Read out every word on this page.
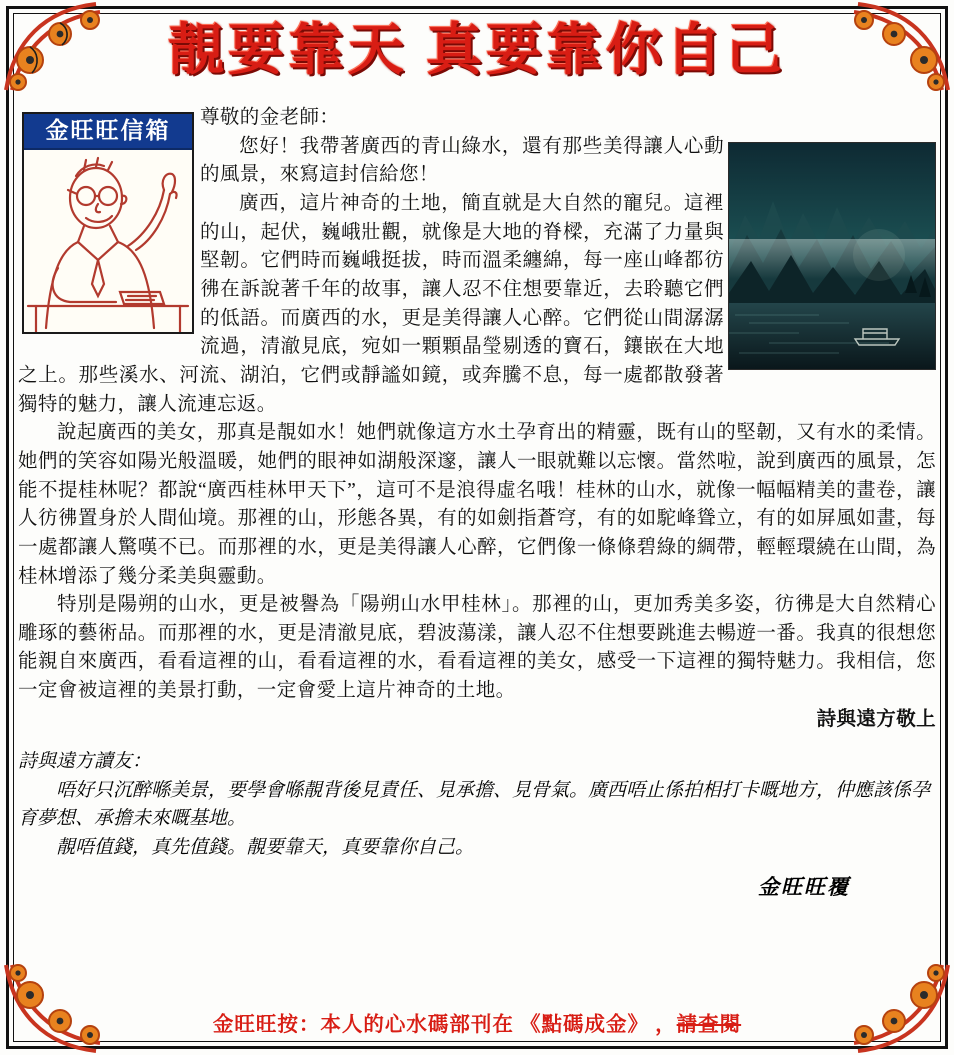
靚要靠天 真要靠你自己
金旺旺信箱

尊敬的金老師：

您好！我帶著廣西的青山綠水，還有那些美得讓人心動的風景，來寫這封信給您！

廣西，這片神奇的土地，簡直就是大自然的寵兒。這裡的山，起伏，巍峨壯觀，就像是大地的脊樑，充滿了力量與堅韌。它們時而巍峨挺拔，時而溫柔纏綿，每一座山峰都彷彿在訴說著千年的故事，讓人忍不住想要靠近，去聆聽它們的低語。而廣西的水，更是美得讓人心醉。它們從山間潺潺流過，清澈見底，宛如一顆顆晶瑩剔透的寶石，鑲嵌在大地之上。那些溪水、河流、湖泊，它們或靜謐如鏡，或奔騰不息，每一處都散發著獨特的魅力，讓人流連忘返。

說起廣西的美女，那真是靚如水！她們就像這方水土孕育出的精靈，既有山的堅韌，又有水的柔情。她們的笑容如陽光般溫暖，她們的眼神如湖般深邃，讓人一眼就難以忘懷。當然啦，說到廣西的風景，怎能不提桂林呢？都說“廣西桂林甲天下”，這可不是浪得虛名哦！桂林的山水，就像一幅幅精美的畫卷，讓人彷彿置身於人間仙境。那裡的山，形態各異，有的如劍指蒼穹，有的如駝峰聳立，有的如屏風如畫，每一處都讓人驚嘆不已。而那裡的水，更是美得讓人心醉，它們像一條條碧綠的綢帶，輕輕環繞在山間，為桂林增添了幾分柔美與靈動。

特別是陽朔的山水，更是被譽為「陽朔山水甲桂林」。那裡的山，更加秀美多姿，彷彿是大自然精心雕琢的藝術品。而那裡的水，更是清澈見底，碧波蕩漾，讓人忍不住想要跳進去暢遊一番。我真的很想您能親自來廣西，看看這裡的山，看看這裡的水，看看這裡的美女，感受一下這裡的獨特魅力。我相信，您一定會被這裡的美景打動，一定會愛上這片神奇的土地。

詩與遠方敬上

詩與遠方讀友：

唔好只沉醉喺美景，要學會喺靚背後見責任、見承擔、見骨氣。廣西唔止係拍相打卡嘅地方，仲應該係孕育夢想、承擔未來嘅基地。

靚唔值錢，真先值錢。靚要靠天，真要靠你自己。

金旺旺覆
金旺旺按：本人的心水碼部刊在 《點碼成金》 ，請查閱
